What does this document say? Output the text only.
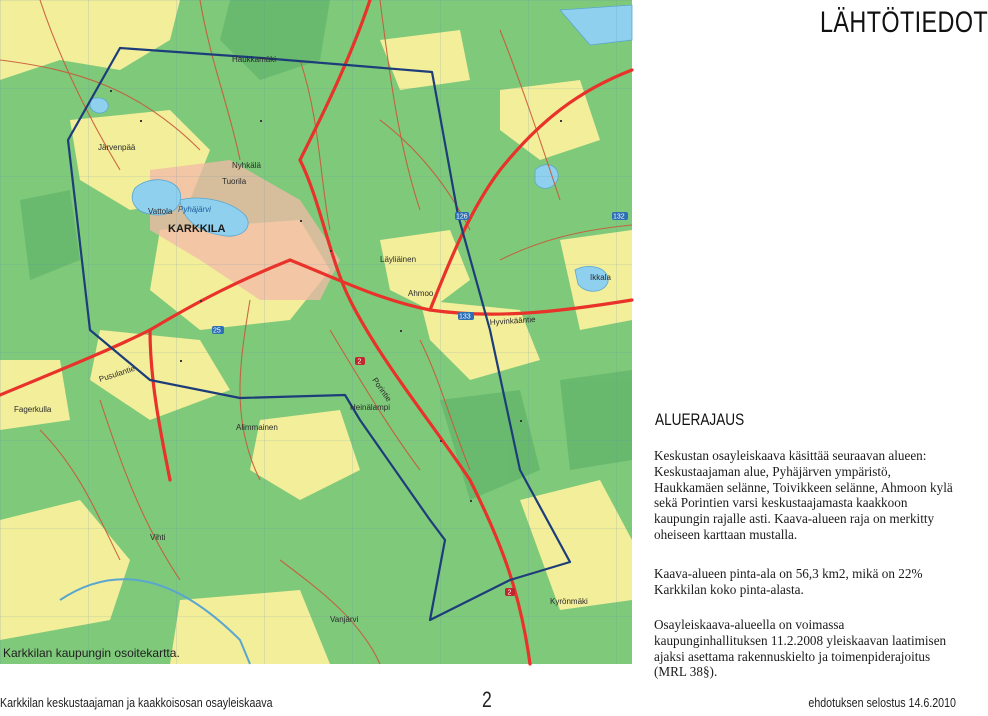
2
2
25
133
126	132
KARKKILA
Pyhäjärvi
Järvenpää
Tuorila
Vattola
Nyhkälä
Haukkamäki
Ahmoo
Läyliäinen
Vanjärvi
Alimmainen
Heinälampi
Kyrönmäki
Fagerkulla
Ikkala
Pusulantie
Porintie
Hyvinkääntie
Vihti
Karkkilan kaupungin osoitekartta.
LÄHTÖTIEDOT
ALUERAJAUS
Keskustan osayleiskaava käsittää seuraavan alueen: Keskustaajaman alue, Pyhäjärven ympäristö, Haukkamäen selänne, Toivikkeen selänne, Ahmoon kylä sekä Porintien varsi keskustaajamasta kaakkoon kaupungin rajalle asti. Kaava-alueen raja on merkitty oheiseen karttaan mustalla.
Kaava-alueen pinta-ala on 56,3 km2, mikä on 22% Karkkilan koko pinta-alasta.
Osayleiskaava-alueella on voimassa kaupunginhallituksen 11.2.2008 yleiskaavan laatimisen ajaksi asettama rakennuskielto ja toimenpiderajoitus (MRL 38§).
Karkkilan keskustaajaman ja kaakkoisosan osayleiskaava	2	ehdotuksen selostus 14.6.2010
